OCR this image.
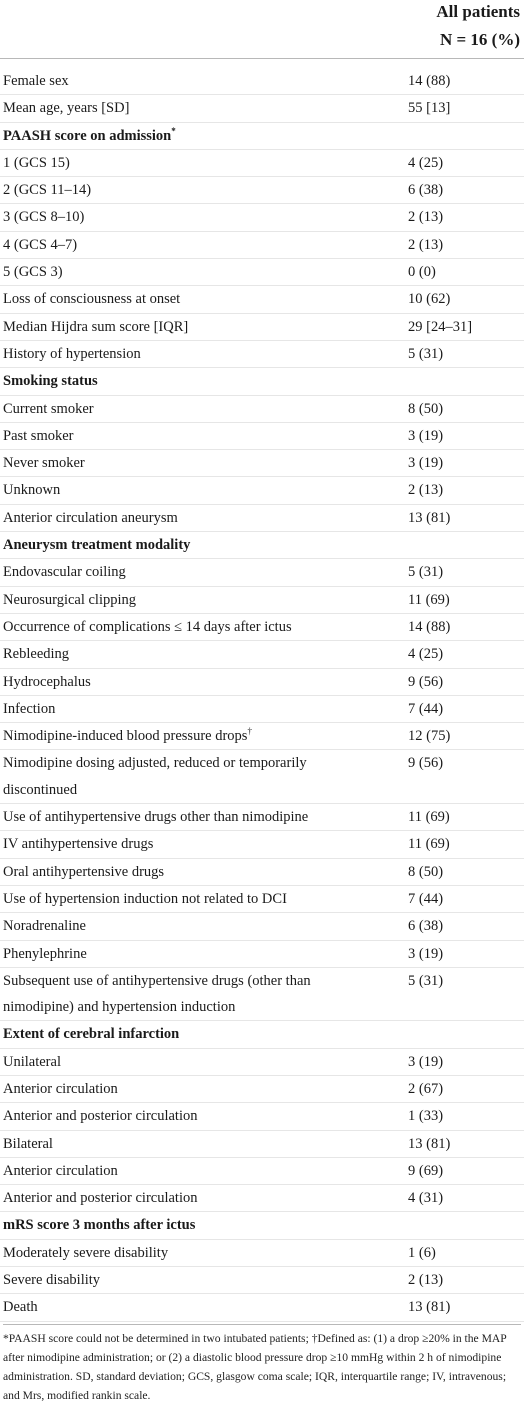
All patients
N = 16 (%)
Female sex	14 (88)
Mean age, years [SD]	55 [13]
PAASH score on admission*
1 (GCS 15)	4 (25)
2 (GCS 11–14)	6 (38)
3 (GCS 8–10)	2 (13)
4 (GCS 4–7)	2 (13)
5 (GCS 3)	0 (0)
Loss of consciousness at onset	10 (62)
Median Hijdra sum score [IQR]	29 [24–31]
History of hypertension	5 (31)
Smoking status
Current smoker	8 (50)
Past smoker	3 (19)
Never smoker	3 (19)
Unknown	2 (13)
Anterior circulation aneurysm	13 (81)
Aneurysm treatment modality
Endovascular coiling	5 (31)
Neurosurgical clipping	11 (69)
Occurrence of complications ≤ 14 days after ictus	14 (88)
Rebleeding	4 (25)
Hydrocephalus	9 (56)
Infection	7 (44)
Nimodipine-induced blood pressure drops†	12 (75)
Nimodipine dosing adjusted, reduced or temporarily discontinued
9 (56)
Use of antihypertensive drugs other than nimodipine	11 (69)
IV antihypertensive drugs	11 (69)
Oral antihypertensive drugs	8 (50)
Use of hypertension induction not related to DCI	7 (44)
Noradrenaline	6 (38)
Phenylephrine	3 (19)
Subsequent use of antihypertensive drugs (other than nimodipine) and hypertension induction
5 (31)
Extent of cerebral infarction
Unilateral	3 (19)
Anterior circulation	2 (67)
Anterior and posterior circulation	1 (33)
Bilateral	13 (81)
Anterior circulation	9 (69)
Anterior and posterior circulation	4 (31)
mRS score 3 months after ictus
Moderately severe disability	1 (6)
Severe disability	2 (13)
Death	13 (81)
*PAASH score could not be determined in two intubated patients; †Defined as: (1) a drop ≥20% in the MAP after nimodipine administration; or (2) a diastolic blood pressure drop ≥10 mmHg within 2 h of nimodipine administration. SD, standard deviation; GCS, glasgow coma scale; IQR, interquartile range; IV, intravenous; and Mrs, modified rankin scale.
